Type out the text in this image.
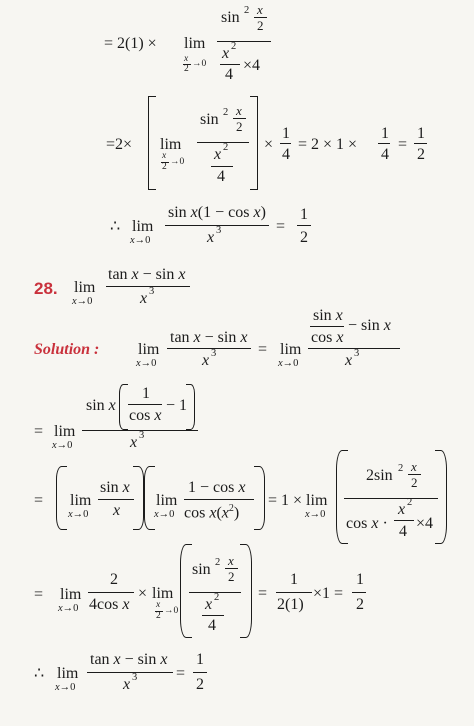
= 2(1) × lim
x
2 →0
sin 2 x
2
x 2
4
×4
=2× lim
x
2 →0
sin 2 x
2
x 2
4
×
1
4
= 2 × 1 ×
1
4
=
1
2
∴ lim
x→0
sin x(1 − cos x)
x 3	=
1
2
28. lim
x→0
tan x − sin x
x 3
Solution : lim
x→0
tan x − sin x
x 3	= lim
x→0
sin x
cos x
− sin x
x 3
= lim
x→0
sin x
1
cos x
− 1
x 3
= lim
x→0
sin x
x
lim
x→0
1 − cos x
$\cos x(x^2)$
= 1 × lim
x→0
2sin 2 x
2
cos x ·
x 2
4 ×4
= lim
x→0
2
4cos x
× lim
x
2 →0
sin 2 x
2
x 2
4
=
1
2(1)
×1 =
1
2
∴ lim
x→0
tan x − sin x
x 3 =
1
2
